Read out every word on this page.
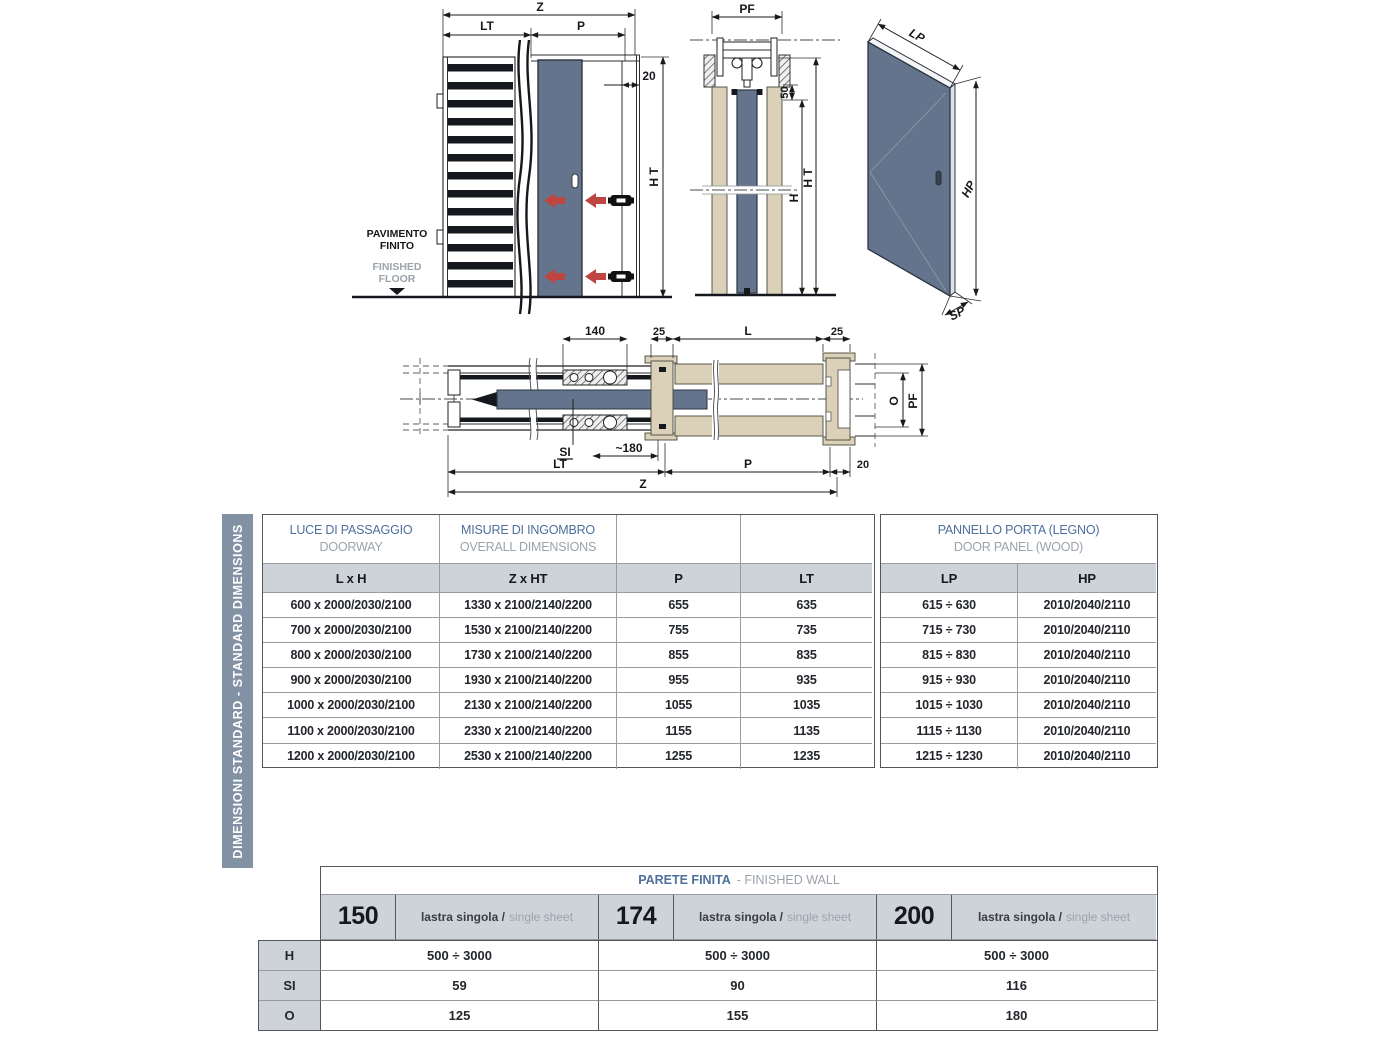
Z
LT	P
20
H T
PAVIMENTO
FINITO
FINISHED
FLOOR
PF
50
H
H T
LP
HP
SP
140	25	L	25
SI	~180
LT	P	20
Z
O PF
DIMENSIONI STANDARD - STANDARD DIMENSIONS	LUCE DI PASSAGGIO
DOORWAY
MISURE DI INGOMBRO
OVERALL DIMENSIONS
L x H	Z x HT	P	LT
600 x 2000/2030/2100	1330 x 2100/2140/2200	655	635
700 x 2000/2030/2100	1530 x 2100/2140/2200	755	735
800 x 2000/2030/2100	1730 x 2100/2140/2200	855	835
900 x 2000/2030/2100	1930 x 2100/2140/2200	955	935
1000 x 2000/2030/2100	2130 x 2100/2140/2200	1055	1035
1100 x 2000/2030/2100	2330 x 2100/2140/2200	1155	1135
1200 x 2000/2030/2100	2530 x 2100/2140/2200	1255	1235
PANNELLO PORTA (LEGNO)
DOOR PANEL (WOOD)
LP	HP
615 ÷ 630	2010/2040/2110
715 ÷ 730	2010/2040/2110
815 ÷ 830	2010/2040/2110
915 ÷ 930	2010/2040/2110
1015 ÷ 1030	2010/2040/2110
1115 ÷ 1130	2010/2040/2110
1215 ÷ 1230	2010/2040/2110
PARETE FINITA - FINISHED WALL
150	lastra singola / single sheet	174	lastra singola / single sheet	200	lastra singola / single sheet
H	500 ÷ 3000	500 ÷ 3000	500 ÷ 3000
SI	59	90	116
O	125	155	180
